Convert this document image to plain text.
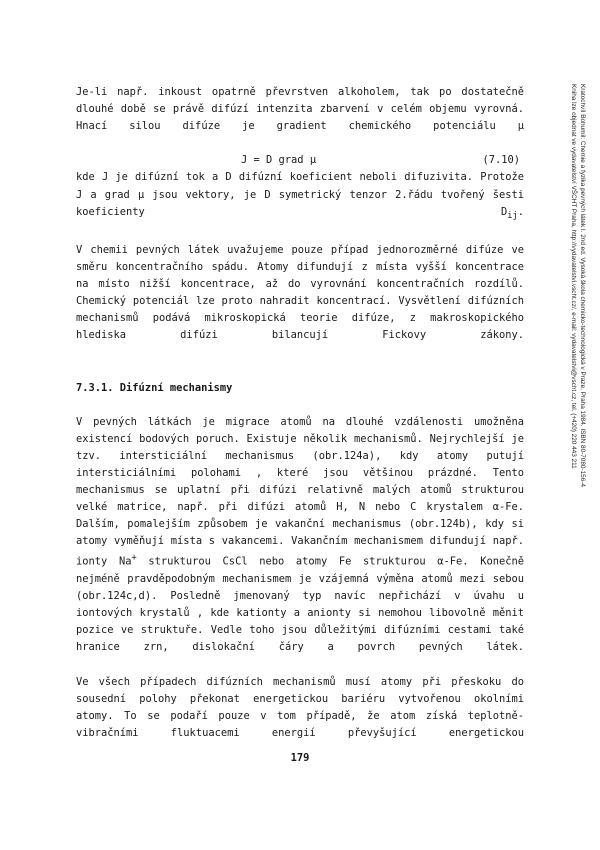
Je-li např. inkoust opatrně převrstven alkoholem, tak po dostatečně dlouhé době se právě difúzí intenzita zbarvení v celém objemu vyrovná. Hnací silou difúze je gradient chemického potenciálu μ

J = D grad μ	(7.10)

kde J je difúzní tok a D difúzní koeficient neboli difuzivita. Protože J a grad μ jsou vektory, je D symetrický tenzor 2.řádu tvořený šesti koeficienty $D_{ij}$.

V chemii pevných látek uvažujeme pouze případ jednorozměrné difúze ve směru koncentračního spádu. Atomy difundují z místa vyšší koncentrace na místo nižší koncentrace, až do vyrovnání koncentračních rozdílů. Chemický potenciál lze proto nahradit koncentrací. Vysvětlení difúzních mechanismů podává mikroskopická teorie difúze, z makroskopického hlediska difúzi bilancují Fickovy zákony.

7.3.1. Difúzní mechanismy

V pevných látkách je migrace atomů na dlouhé vzdálenosti umožněna existencí bodových poruch. Existuje několik mechanismů. Nejrychlejší je tzv. intersticiální mechanismus (obr.124a), kdy atomy putují intersticiálními polohami , které jsou většinou prázdné. Tento mechanismus se uplatní při difúzi relativně malých atomů strukturou velké matrice, např. při difúzi atomů H, N nebo C krystalem α-Fe. Dalším, pomalejším způsobem je vakanční mechanismus (obr.124b), kdy si atomy vyměňují místa s vakancemi. Vakančním mechanismem difundují např. ionty Na+ strukturou CsCl nebo atomy Fe strukturou α-Fe. Konečně nejméně pravděpodobným mechanismem je vzájemná výměna atomů mezi sebou (obr.124c,d). Posledně jmenovaný typ navíc nepřichází v úvahu u iontových krystalů , kde kationty a anionty si nemohou libovolně měnit pozice ve struktuře. Vedle toho jsou důležitými difúzními cestami také hranice zrn, dislokační čáry a povrch pevných látek.

Ve všech případech difúzních mechanismů musí atomy při přeskoku do sousední polohy překonat energetickou bariéru vytvořenou okolními atomy. To se podaří pouze v tom případě, že atom získá teplotně-vibračními fluktuacemi energií převyšující energetickou

Kratochvíl Bohumil: Chemie a fyzika pevných látek I. 2nd ed. Vysoká škola chemicko-technologická v Praze, Praha 1984. ISBN 80-7080-156-4
Kniha lze objednat ve vydavatelství VŠCHT Praha, http://vydavatelstvi.vscht.cz/, e-mail: vydavatelstvi@vscht.cz, tel. (+420) 220 443 211
179
